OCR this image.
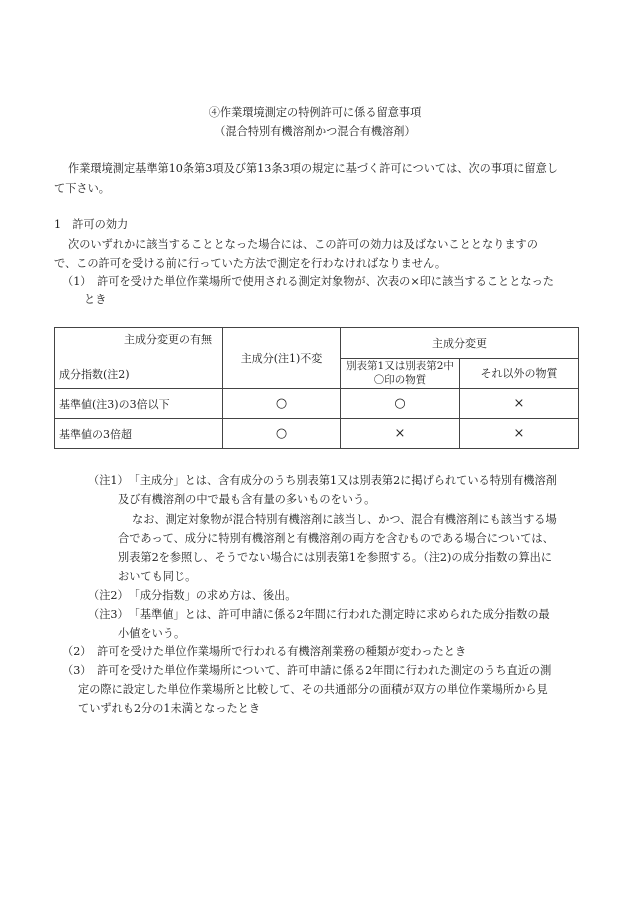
④作業環境測定の特例許可に係る留意事項
（混合特別有機溶剤かつ混合有機溶剤）
作業環境測定基準第10条第3項及び第13条3項の規定に基づく許可については、次の事項に留意し
て下さい。
1　許可の効力
次のいずれかに該当することとなった場合には、この許可の効力は及ばないこととなりますの
で、この許可を受ける前に行っていた方法で測定を行わなければなりません。
（1）　許可を受けた単位作業場所で使用される測定対象物が、次表の×印に該当することとなった
とき
主成分変更の有無
成分指数(注2)	主成分(注1)不変	主成分変更	
		別表第1又は別表第2中〇印の物質	それ以外の物質
基準値(注3)の3倍以下	○	○	×
基準値の3倍超	○	×	×
（注1）　「主成分」とは、含有成分のうち別表第1又は別表第2に掲げられている特別有機溶剤
及び有機溶剤の中で最も含有量の多いものをいう。
なお、測定対象物が混合特別有機溶剤に該当し、かつ、混合有機溶剤にも該当する場
合であって、成分に特別有機溶剤と有機溶剤の両方を含むものである場合については、
別表第2を参照し、そうでない場合には別表第1を参照する。（注2)の成分指数の算出に
おいても同じ。
（注2）　「成分指数」の求め方は、後出。
（注3）　「基準値」とは、許可申請に係る2年間に行われた測定時に求められた成分指数の最
小値をいう。
（2）　許可を受けた単位作業場所で行われる有機溶剤業務の種類が変わったとき
（3）　許可を受けた単位作業場所について、許可申請に係る2年間に行われた測定のうち直近の測
定の際に設定した単位作業場所と比較して、その共通部分の面積が双方の単位作業場所から見
ていずれも2分の1未満となったとき
